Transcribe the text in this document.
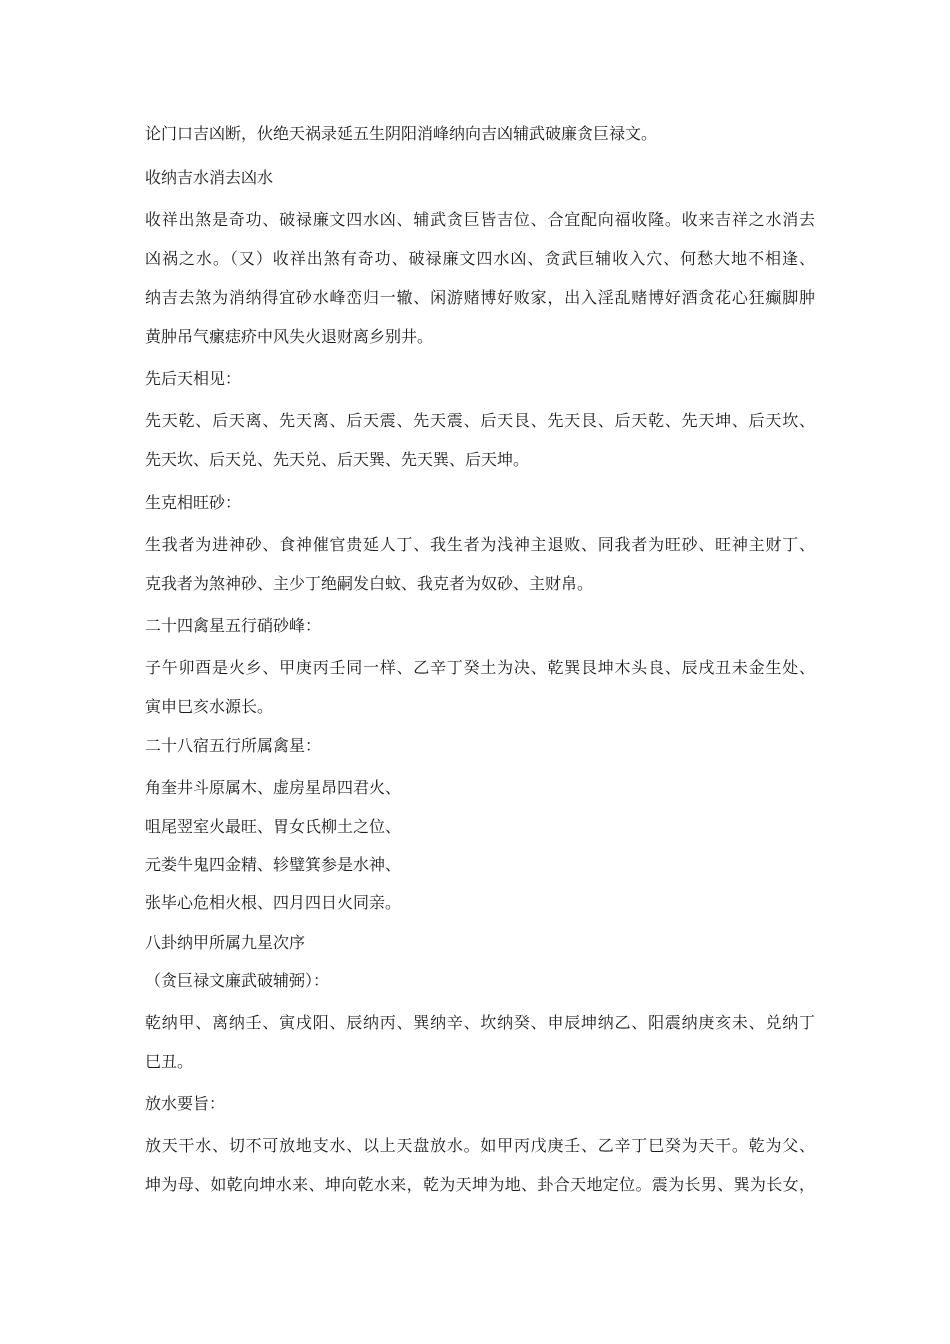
论门口吉凶断，伙绝天祸录延五生阴阳消峰纳向吉凶辅武破廉贪巨禄文。
收纳吉水消去凶水
收祥出煞是奇功、破禄廉文四水凶、辅武贪巨皆吉位、合宜配向福收隆。收来吉祥之水消去
凶祸之水。（又）收祥出煞有奇功、破禄廉文四水凶、贪武巨辅收入穴、何愁大地不相逢、
纳吉去煞为消纳得宜砂水峰峦归一辙、闲游赌博好败家，出入淫乱赌博好酒贪花心狂癫脚肿
黄肿吊气瘰痣疥中风失火退财离乡别井。
先后天相见：
先天乾、后天离、先天离、后天震、先天震、后天艮、先天艮、后天乾、先天坤、后天坎、
先天坎、后天兑、先天兑、后天巽、先天巽、后天坤。
生克相旺砂：
生我者为进神砂、食神催官贵延人丁、我生者为浅神主退败、同我者为旺砂、旺神主财丁、
克我者为煞神砂、主少丁绝嗣发白蚊、我克者为奴砂、主财帛。
二十四禽星五行硝砂峰：
子午卯酉是火乡、甲庚丙壬同一样、乙辛丁癸土为决、乾巽艮坤木头良、辰戌丑未金生处、
寅申巳亥水源长。
二十八宿五行所属禽星：
角奎井斗原属木、虚房星昂四君火、
咀尾翌室火最旺、胃女氏柳土之位、
元娄牛鬼四金精、轸璧箕参是水神、
张毕心危相火根、四月四日火同亲。
八卦纳甲所属九星次序
（贪巨禄文廉武破辅弼）：
乾纳甲、离纳壬、寅戌阳、辰纳丙、巽纳辛、坎纳癸、申辰坤纳乙、阳震纳庚亥未、兑纳丁
巳丑。
放水要旨：
放天干水、切不可放地支水、以上天盘放水。如甲丙戊庚壬、乙辛丁巳癸为天干。乾为父、
坤为母、如乾向坤水来、坤向乾水来，乾为天坤为地、卦合天地定位。震为长男、巽为长女，
